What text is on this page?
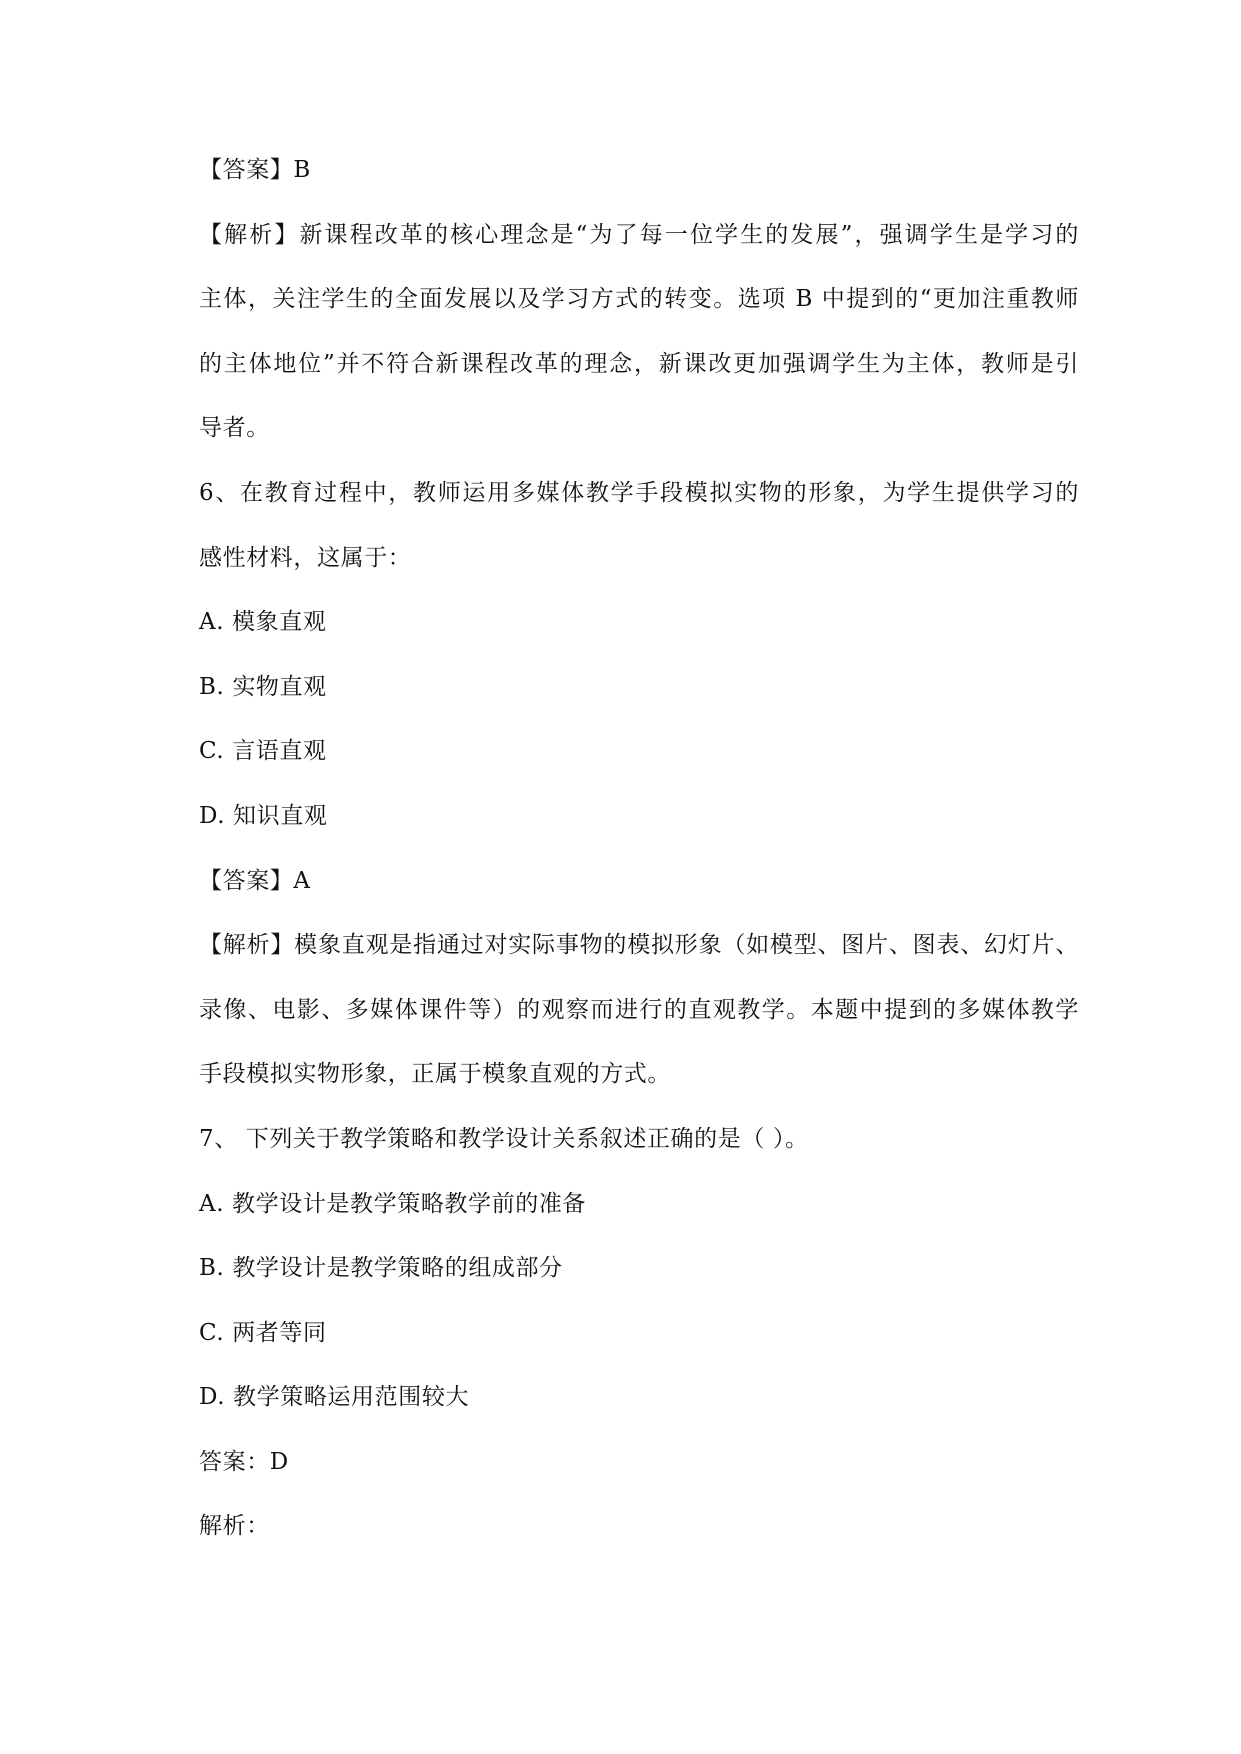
【答案】B
【解析】新课程改革的核心理念是“为了每一位学生的发展”，强调学生是学习的
主体，关注学生的全面发展以及学习方式的转变。选项 B 中提到的“更加注重教师
的主体地位”并不符合新课程改革的理念，新课改更加强调学生为主体，教师是引
导者。
6、在教育过程中，教师运用多媒体教学手段模拟实物的形象，为学生提供学习的
感性材料，这属于：
A. 模象直观
B. 实物直观
C. 言语直观
D. 知识直观
【答案】A
【解析】模象直观是指通过对实际事物的模拟形象（如模型、图片、图表、幻灯片、
录像、电影、多媒体课件等）的观察而进行的直观教学。本题中提到的多媒体教学
手段模拟实物形象，正属于模象直观的方式。
7、 下列关于教学策略和教学设计关系叙述正确的是（ ）。
A. 教学设计是教学策略教学前的准备
B. 教学设计是教学策略的组成部分
C. 两者等同
D. 教学策略运用范围较大
答案：D
解析：
